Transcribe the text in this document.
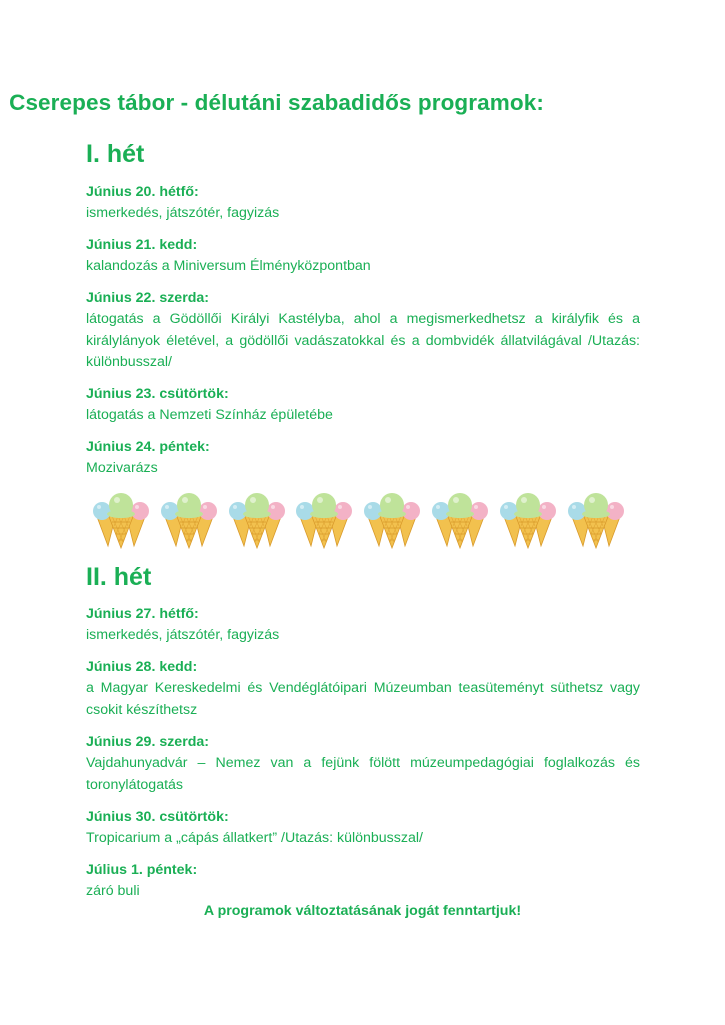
Cserepes tábor - délutáni szabadidős programok:
I. hét
Június 20. hétfő:
ismerkedés, játszótér, fagyizás
Június 21. kedd:
kalandozás a Miniversum Élményközpontban
Június 22. szerda:
látogatás a Gödöllői Királyi Kastélyba, ahol a megismerkedhetsz a királyfik és a királylányok életével, a gödöllői vadászatokkal és a dombvidék állatvilágával /Utazás: különbusszal/
Június 23. csütörtök:
látogatás a Nemzeti Színház épületébe
Június 24. péntek:
Mozivarázs
II. hét
Június 27. hétfő:
ismerkedés, játszótér, fagyizás
Június 28. kedd:
a Magyar Kereskedelmi és Vendéglátóipari Múzeumban teasüteményt süthetsz vagy csokit készíthetsz
Június 29. szerda:
Vajdahunyadvár – Nemez van a fejünk fölött múzeumpedagógiai foglalkozás és toronylátogatás
Június 30. csütörtök:
Tropicarium a „cápás állatkert” /Utazás: különbusszal/
Július 1. péntek:
záró buli
A programok változtatásának jogát fenntartjuk!
